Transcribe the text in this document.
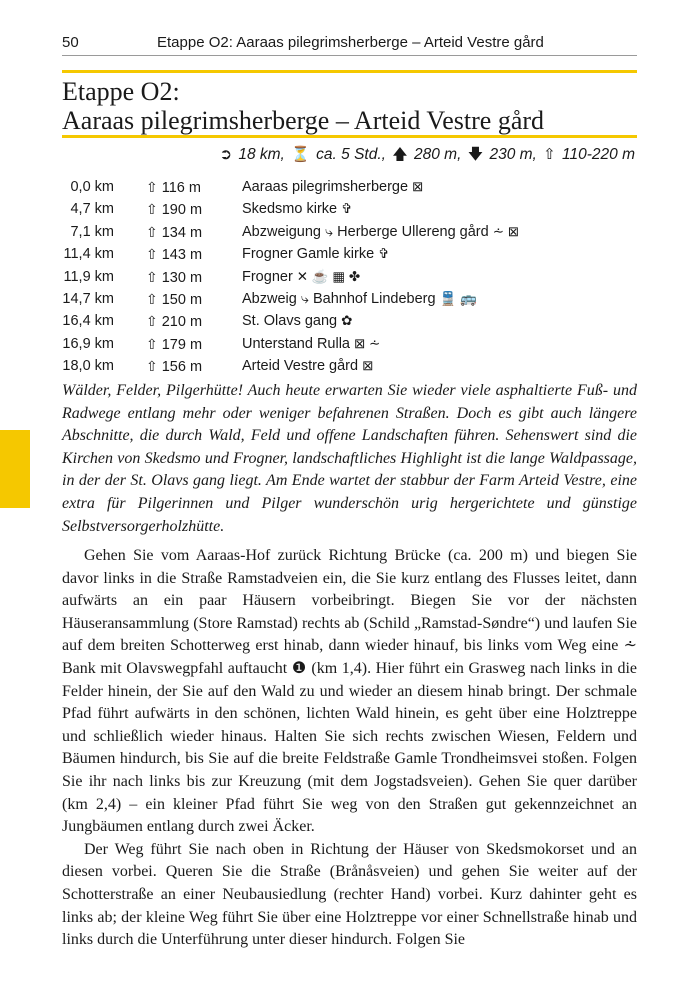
50	Etappe O2: Aaraas pilegrimsherberge – Arteid Vestre gård
Etappe O2:
Aaraas pilegrimsherberge – Arteid Vestre gård
➲ 18 km, ⏳ ca. 5 Std., 🡅 280 m, 🡇 230 m, ⇧ 110-220 m
0,0 km ⇧ 116 m	Aaraas pilegrimsherberge ⊠
4,7 km ⇧ 190 m	Skedsmo kirke ✞
7,1 km ⇧ 134 m	Abzweigung ⤷ Herberge Ullereng gård ⩪ ⊠
11,4 km ⇧ 143 m	Frogner Gamle kirke ✞
11,9 km ⇧ 130 m	Frogner ✕ ☕ ▦ ✤
14,7 km ⇧ 150 m	Abzweig ⤷ Bahnhof Lindeberg 🚆 🚌
16,4 km ⇧ 210 m	St. Olavs gang ✿
16,9 km ⇧ 179 m	Unterstand Rulla ⊠ ⩪
18,0 km ⇧ 156 m	Arteid Vestre gård ⊠

Wälder, Felder, Pilgerhütte! Auch heute erwarten Sie wieder viele asphaltierte Fuß- und Radwege entlang mehr oder weniger befahrenen Straßen. Doch es gibt auch längere Abschnitte, die durch Wald, Feld und offene Landschaften führen. Sehenswert sind die Kirchen von Skedsmo und Frogner, landschaftliches Highlight ist die lange Waldpassage, in der der St. Olavs gang liegt. Am Ende wartet der stabbur der Farm Arteid Vestre, eine extra für Pilgerinnen und Pilger wunderschön urig hergerichtete und günstige Selbstversorgerholzhütte.

Gehen Sie vom Aaraas-Hof zurück Richtung Brücke (ca. 200 m) und biegen Sie davor links in die Straße Ramstadveien ein, die Sie kurz entlang des Flusses leitet, dann aufwärts an ein paar Häusern vorbeibringt. Biegen Sie vor der nächsten Häuseransammlung (Store Ramstad) rechts ab (Schild „Ramstad-Søndre“) und laufen Sie auf dem breiten Schotterweg erst hinab, dann wieder hinauf, bis links vom Weg eine ⩪ Bank mit Olavswegpfahl auftaucht ❶ (km 1,4). Hier führt ein Grasweg nach links in die Felder hinein, der Sie auf den Wald zu und wieder an diesem hinab bringt. Der schmale Pfad führt aufwärts in den schönen, lichten Wald hinein, es geht über eine Holztreppe und schließlich wieder hinaus. Halten Sie sich rechts zwischen Wiesen, Feldern und Bäumen hindurch, bis Sie auf die breite Feldstraße Gamle Trondheimsvei stoßen. Folgen Sie ihr nach links bis zur Kreuzung (mit dem Jogstadsveien). Gehen Sie quer darüber (km 2,4) – ein kleiner Pfad führt Sie weg von den Straßen gut gekennzeichnet an Jungbäumen entlang durch zwei Äcker.

Der Weg führt Sie nach oben in Richtung der Häuser von Skedsmokorset und an diesen vorbei. Queren Sie die Straße (Brånåsveien) und gehen Sie weiter auf der Schotterstraße an einer Neubausiedlung (rechter Hand) vorbei. Kurz dahinter geht es links ab; der kleine Weg führt Sie über eine Holztreppe vor einer Schnellstraße hinab und links durch die Unterführung unter dieser hindurch. Folgen Sie
